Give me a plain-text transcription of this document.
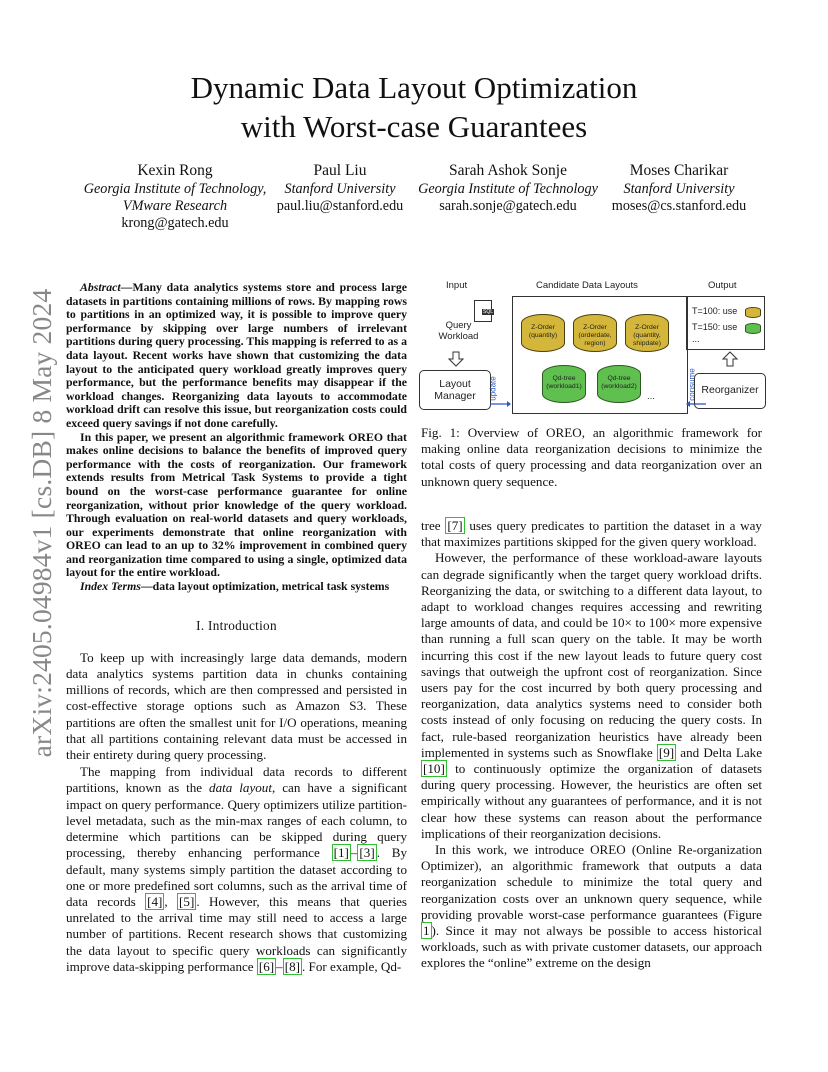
Dynamic Data Layout Optimization
with Worst-case Guarantees
Kexin Rong
Georgia Institute of Technology,
VMware Research
krong@gatech.edu
Paul Liu
Stanford University
paul.liu@stanford.edu
Sarah Ashok Sonje
Georgia Institute of Technology
sarah.sonje@gatech.edu
Moses Charikar
Stanford University
moses@cs.stanford.edu
arXiv:2405.04984v1 [cs.DB] 8 May 2024

Abstract—Many data analytics systems store and process large datasets in partitions containing millions of rows. By mapping rows to partitions in an optimized way, it is possible to improve query performance by skipping over large numbers of irrelevant partitions during query processing. This mapping is referred to as a data layout. Recent works have shown that customizing the data layout to the anticipated query workload greatly improves query performance, but the performance benefits may disappear if the workload changes. Reorganizing data layouts to accommodate workload drift can resolve this issue, but reorganization costs could exceed query savings if not done carefully.

In this paper, we present an algorithmic framework OREO that makes online decisions to balance the benefits of improved query performance with the costs of reorganization. Our framework extends results from Metrical Task Systems to provide a tight bound on the worst-case performance guarantee for online reorganization, without prior knowledge of the query workload. Through evaluation on real-world datasets and query workloads, our experiments demonstrate that online reorganization with OREO can lead to an up to 32% improvement in combined query and reorganization time compared to using a single, optimized data layout for the entire workload.

Index Terms—data layout optimization, metrical task systems

I. Introduction

To keep up with increasingly large data demands, modern data analytics systems partition data in chunks containing millions of records, which are then compressed and persisted in cost-effective storage options such as Amazon S3. These partitions are often the smallest unit for I/O operations, meaning that all partitions containing relevant data must be accessed in their entirety during query processing.

The mapping from individual data records to different partitions, known as the data layout, can have a significant impact on query performance. Query optimizers utilize partition-level metadata, such as the min-max ranges of each column, to determine which partitions can be skipped during query processing, thereby enhancing performance [1] – [3] . By default, many systems simply partition the dataset according to one or more predefined sort columns, such as the arrival time of data records [4] , [5] . However, this means that queries unrelated to the arrival time may still need to access a large number of partitions. Recent research shows that customizing the data layout to specific query workloads can significantly improve data-skipping performance [6] – [8] . For example, Qd-

Input	Candidate Data Layouts	Output
SQL
Query Workload
Layout Manager	update
Z-Order (quantity)
Z-Order (orderdate, region)
Z-Order (quantity, shipdate)
Qd-tree (workload1)
Qd-tree (workload2)
...	consume
T=100: use
T=150: use
...
Reorganizer

Fig. 1: Overview of OREO, an algorithmic framework for making online data reorganization decisions to minimize the total costs of query processing and data reorganization over an unknown query sequence.

tree [7] uses query predicates to partition the dataset in a way that maximizes partitions skipped for the given query workload.

However, the performance of these workload-aware layouts can degrade significantly when the target query workload drifts. Reorganizing the data, or switching to a different data layout, to adapt to workload changes requires accessing and rewriting large amounts of data, and could be 10× to 100× more expensive than running a full scan query on the table. It may be worth incurring this cost if the new layout leads to future query cost savings that outweigh the upfront cost of reorganization. Since users pay for the cost incurred by both query processing and reorganization, data analytics systems need to consider both costs instead of only focusing on reducing the query costs. In fact, rule-based reorganization heuristics have already been implemented in systems such as Snowflake [9] and Delta Lake [10] to continuously optimize the organization of datasets during query processing. However, the heuristics are often set empirically without any guarantees of performance, and it is not clear how these systems can reason about the performance implications of their reorganization decisions.

In this work, we introduce OREO (Online Re-organization Optimizer), an algorithmic framework that outputs a data reorganization schedule to minimize the total query and reorganization costs over an unknown query sequence, while providing provable worst-case performance guarantees (Figure 1 ). Since it may not always be possible to access historical workloads, such as with private customer datasets, our approach explores the “online” extreme on the design
